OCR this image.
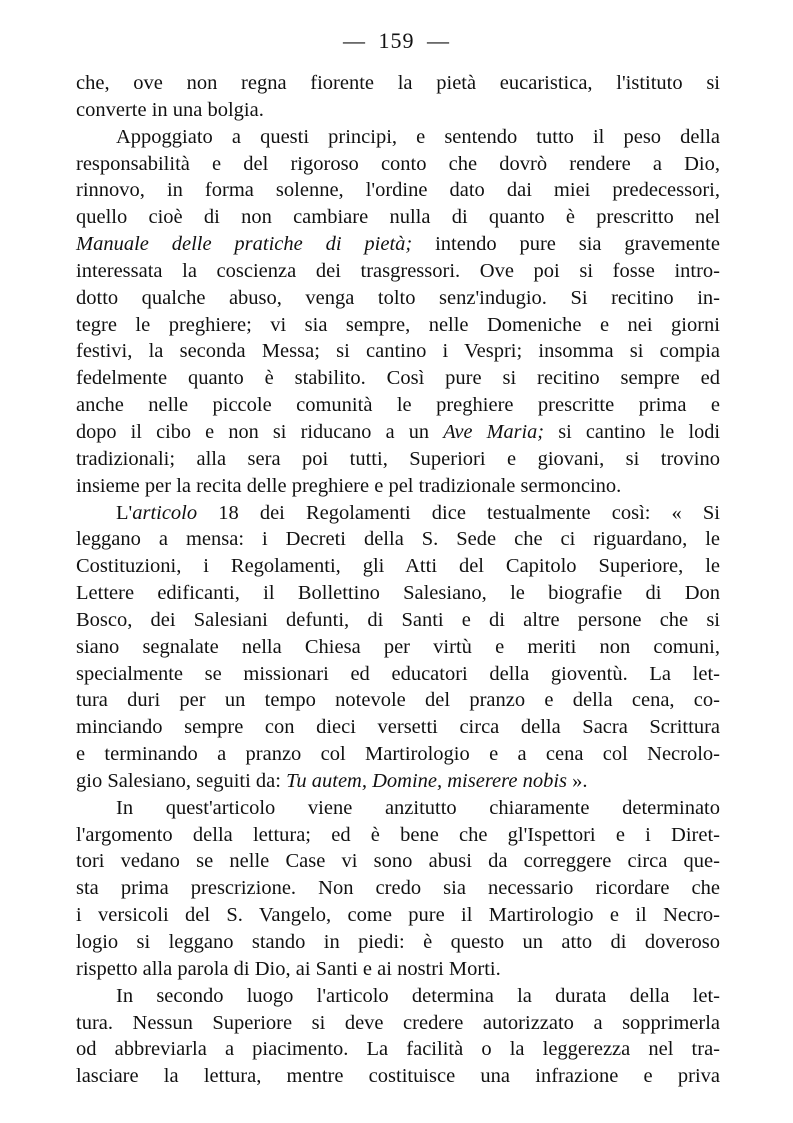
— 159 —
che, ove non regna fiorente la pietà eucaristica, l'istituto si
converte in una bolgia.
Appoggiato a questi principi, e sentendo tutto il peso della
responsabilità e del rigoroso conto che dovrò rendere a Dio,
rinnovo, in forma solenne, l'ordine dato dai miei predecessori,
quello cioè di non cambiare nulla di quanto è prescritto nel
Manuale delle pratiche di pietà; intendo pure sia gravemente
interessata la coscienza dei trasgressori. Ove poi si fosse intro-
dotto qualche abuso, venga tolto senz'indugio. Si recitino in-
tegre le preghiere; vi sia sempre, nelle Domeniche e nei giorni
festivi, la seconda Messa; si cantino i Vespri; insomma si compia
fedelmente quanto è stabilito. Così pure si recitino sempre ed
anche nelle piccole comunità le preghiere prescritte prima e
dopo il cibo e non si riducano a un Ave Maria; si cantino le lodi
tradizionali; alla sera poi tutti, Superiori e giovani, si trovino
insieme per la recita delle preghiere e pel tradizionale sermoncino.
L'articolo 18 dei Regolamenti dice testualmente così: « Si
leggano a mensa: i Decreti della S. Sede che ci riguardano, le
Costituzioni, i Regolamenti, gli Atti del Capitolo Superiore, le
Lettere edificanti, il Bollettino Salesiano, le biografie di Don
Bosco, dei Salesiani defunti, di Santi e di altre persone che si
siano segnalate nella Chiesa per virtù e meriti non comuni,
specialmente se missionari ed educatori della gioventù. La let-
tura duri per un tempo notevole del pranzo e della cena, co-
minciando sempre con dieci versetti circa della Sacra Scrittura
e terminando a pranzo col Martirologio e a cena col Necrolo-
gio Salesiano, seguiti da: Tu autem, Domine, miserere nobis ».
In quest'articolo viene anzitutto chiaramente determinato
l'argomento della lettura; ed è bene che gl'Ispettori e i Diret-
tori vedano se nelle Case vi sono abusi da correggere circa que-
sta prima prescrizione. Non credo sia necessario ricordare che
i versicoli del S. Vangelo, come pure il Martirologio e il Necro-
logio si leggano stando in piedi: è questo un atto di doveroso
rispetto alla parola di Dio, ai Santi e ai nostri Morti.
In secondo luogo l'articolo determina la durata della let-
tura. Nessun Superiore si deve credere autorizzato a sopprimerla
od abbreviarla a piacimento. La facilità o la leggerezza nel tra-
lasciare la lettura, mentre costituisce una infrazione e priva
